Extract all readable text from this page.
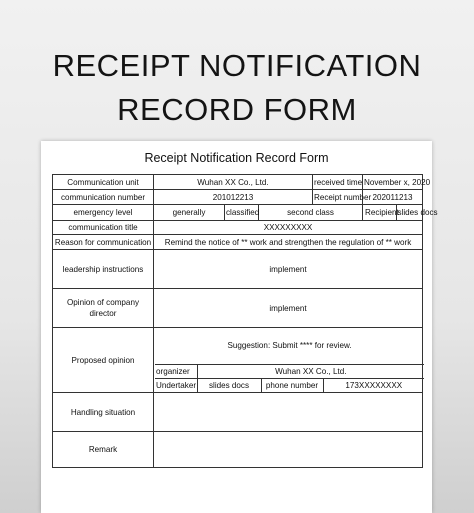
RECEIPT NOTIFICATION
RECORD FORM
Receipt Notification Record Form
Communication unit	Wuhan XX Co., Ltd.	received time	November x, 2020
communication number	201012213	Receipt number	202011213
emergency level	generally	classified	second class		Recipient	slides docs

communication title	XXXXXXXXX
Reason for communication	Remind the notice of ** work and strengthen the regulation of ** work
leadership instructions	implement
Opinion of company director	implement
Proposed opinion	
Suggestion: Submit **** for review.
organizer	Wuhan XX Co., Ltd.
Undertaker	slides docs	phone number	173XXXXXXXX

Handling situation	
Remark	
